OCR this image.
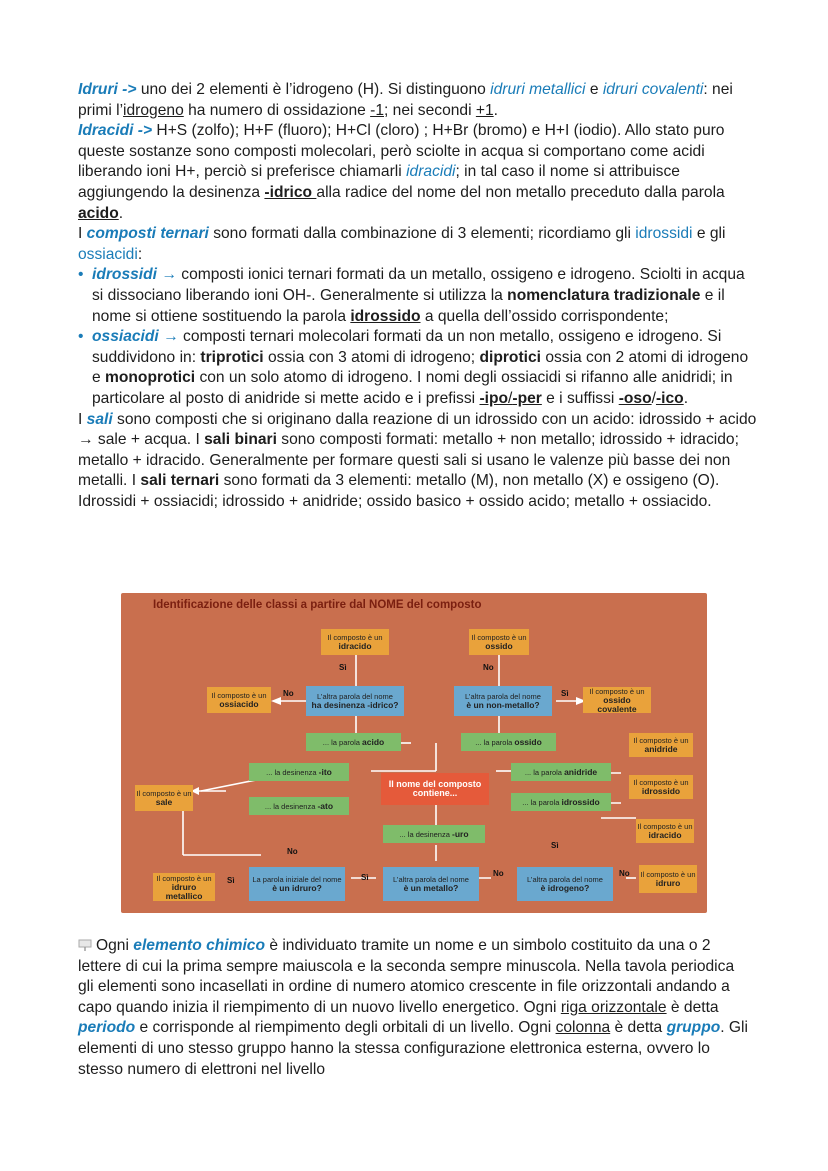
Idruri -> uno dei 2 elementi è l’idrogeno (H). Si distinguono idruri metallici e idruri covalenti: nei primi l’idrogeno ha numero di ossidazione -1; nei secondi +1.
Idracidi -> H+S (zolfo); H+F (fluoro); H+Cl (cloro) ; H+Br (bromo) e H+I (iodio). Allo stato puro queste sostanze sono composti molecolari, però sciolte in acqua si comportano come acidi liberando ioni H+, perciò si preferisce chiamarli idracidi; in tal caso il nome si attribuisce aggiungendo la desinenza -idrico alla radice del nome del non metallo preceduto dalla parola acido.
I composti ternari sono formati dalla combinazione di 3 elementi; ricordiamo gli idrossidi e gli ossiacidi:
• idrossidi → composti ionici ternari formati da un metallo, ossigeno e idrogeno. Sciolti in acqua si dissociano liberando ioni OH-. Generalmente si utilizza la nomenclatura tradizionale e il nome si ottiene sostituendo la parola idrossido a quella dell’ossido corrispondente;
• ossiacidi → composti ternari molecolari formati da un non metallo, ossigeno e idrogeno. Si suddividono in: triprotici ossia con 3 atomi di idrogeno; diprotici ossia con 2 atomi di idrogeno e monoprotici con un solo atomo di idrogeno. I nomi degli ossiacidi si rifanno alle anidridi; in particolare al posto di anidride si mette acido e i prefissi -ipo/-per e i suffissi -oso/-ico.
I sali sono composti che si originano dalla reazione di un idrossido con un acido: idrossido + acido → sale + acqua. I sali binari sono composti formati: metallo + non metallo; idrossido + idracido; metallo + idracido. Generalmente per formare questi sali si usano le valenze più basse dei non metalli. I sali ternari sono formati da 3 elementi: metallo (M), non metallo (X) e ossigeno (O). Idrossidi + ossiacidi; idrossido + anidride; ossido basico + ossido acido; metallo + ossiacido.
Identificazione delle classi a partire dal NOME del composto
Il composto è un
idracido
Il composto è un
ossido
Sì	No
Il composto è un
ossiacido
No	L’altra parola del nome
ha desinenza -idrico?
L’altra parola del nome
è un non-metallo?
Sì	Il composto è un
ossido covalente
... la parola
acido	... la parola
ossido	Il composto è un
anidride
... la desinenza
-ito
Il nome del composto contiene...
... la parola
anidride
Il composto è un
idrossido
Il composto è un
sale	... la desinenza
-ato	... la parola
idrossido
Il composto è un
idracido
... la desinenza
-uro
Sì
No
Il composto è un
idruro metallico
Sì La parola iniziale del nome
è un idruro?
Sì	L’altra parola del nome
è un metallo?
No
L’altra parola del nome
è idrogeno?
No Il composto è un
idruro
Ogni elemento chimico è individuato tramite un nome e un simbolo costituito da una o 2 lettere di cui la prima sempre maiuscola e la seconda sempre minuscola. Nella tavola periodica gli elementi sono incasellati in ordine di numero atomico crescente in file orizzontali andando a capo quando inizia il riempimento di un nuovo livello energetico. Ogni riga orizzontale è detta periodo e corrisponde al riempimento degli orbitali di un livello. Ogni colonna è detta gruppo. Gli elementi di uno stesso gruppo hanno la stessa configurazione elettronica esterna, ovvero lo stesso numero di elettroni nel livello
